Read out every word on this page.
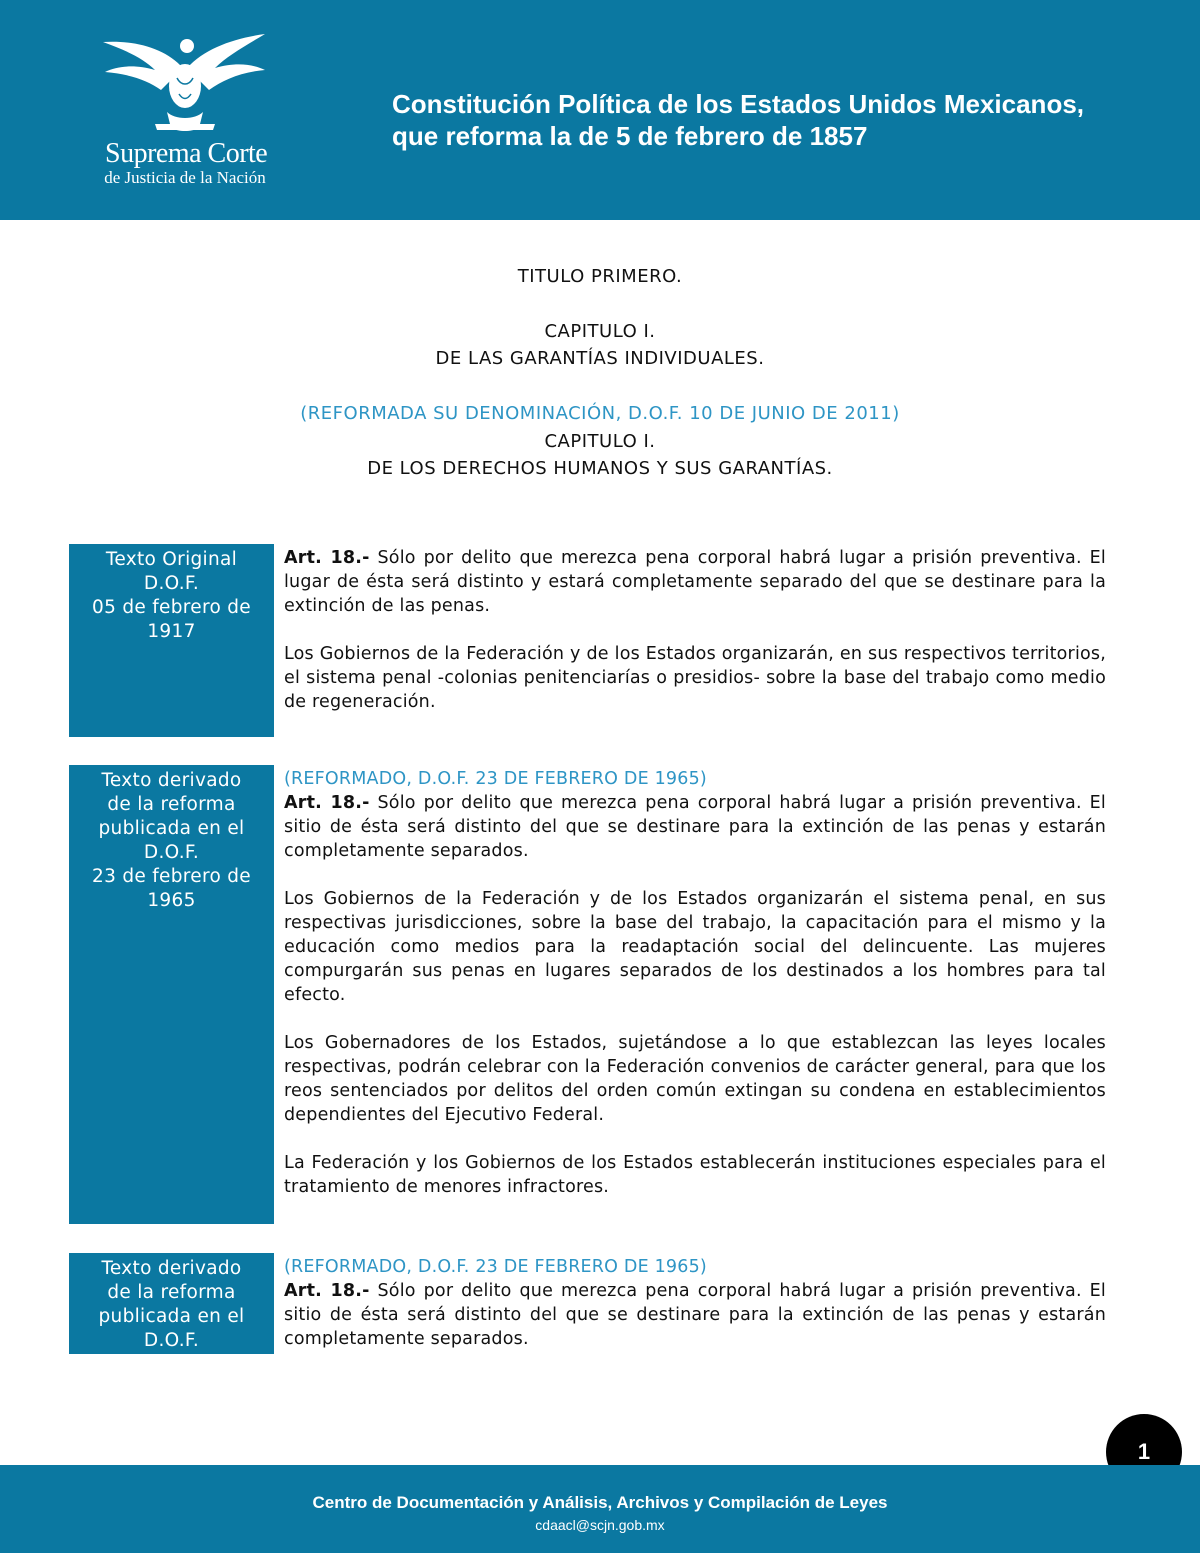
Suprema Corte
de Justicia de la Nación
Constitución Política de los Estados Unidos Mexicanos,
que reforma la de 5 de febrero de 1857
TITULO PRIMERO.
CAPITULO I.
DE LAS GARANTÍAS INDIVIDUALES.
(REFORMADA SU DENOMINACIÓN, D.O.F. 10 DE JUNIO DE 2011)
CAPITULO I.
DE LOS DERECHOS HUMANOS Y SUS GARANTÍAS.
Texto Original
D.O.F.
05 de febrero de
1917

Art. 18.- Sólo por delito que merezca pena corporal habrá lugar a prisión preventiva. El lugar de ésta será distinto y estará completamente separado del que se destinare para la extinción de las penas.

Los Gobiernos de la Federación y de los Estados organizarán, en sus respectivos territorios, el sistema penal -colonias penitenciarías o presidios- sobre la base del trabajo como medio de regeneración.

Texto derivado
de la reforma
publicada en el
D.O.F.
23 de febrero de
1965
(REFORMADO, D.O.F. 23 DE FEBRERO DE 1965)

Art. 18.- Sólo por delito que merezca pena corporal habrá lugar a prisión preventiva. El sitio de ésta será distinto del que se destinare para la extinción de las penas y estarán completamente separados.

Los Gobiernos de la Federación y de los Estados organizarán el sistema penal, en sus respectivas jurisdicciones, sobre la base del trabajo, la capacitación para el mismo y la educación como medios para la readaptación social del delincuente. Las mujeres compurgarán sus penas en lugares separados de los destinados a los hombres para tal efecto.

Los Gobernadores de los Estados, sujetándose a lo que establezcan las leyes locales respectivas, podrán celebrar con la Federación convenios de carácter general, para que los reos sentenciados por delitos del orden común extingan su condena en establecimientos dependientes del Ejecutivo Federal.

La Federación y los Gobiernos de los Estados establecerán instituciones especiales para el tratamiento de menores infractores.

Texto derivado
de la reforma
publicada en el
D.O.F.
(REFORMADO, D.O.F. 23 DE FEBRERO DE 1965)

Art. 18.- Sólo por delito que merezca pena corporal habrá lugar a prisión preventiva. El sitio de ésta será distinto del que se destinare para la extinción de las penas y estarán completamente separados.

1
Centro de Documentación y Análisis, Archivos y Compilación de Leyes
cdaacl@scjn.gob.mx
